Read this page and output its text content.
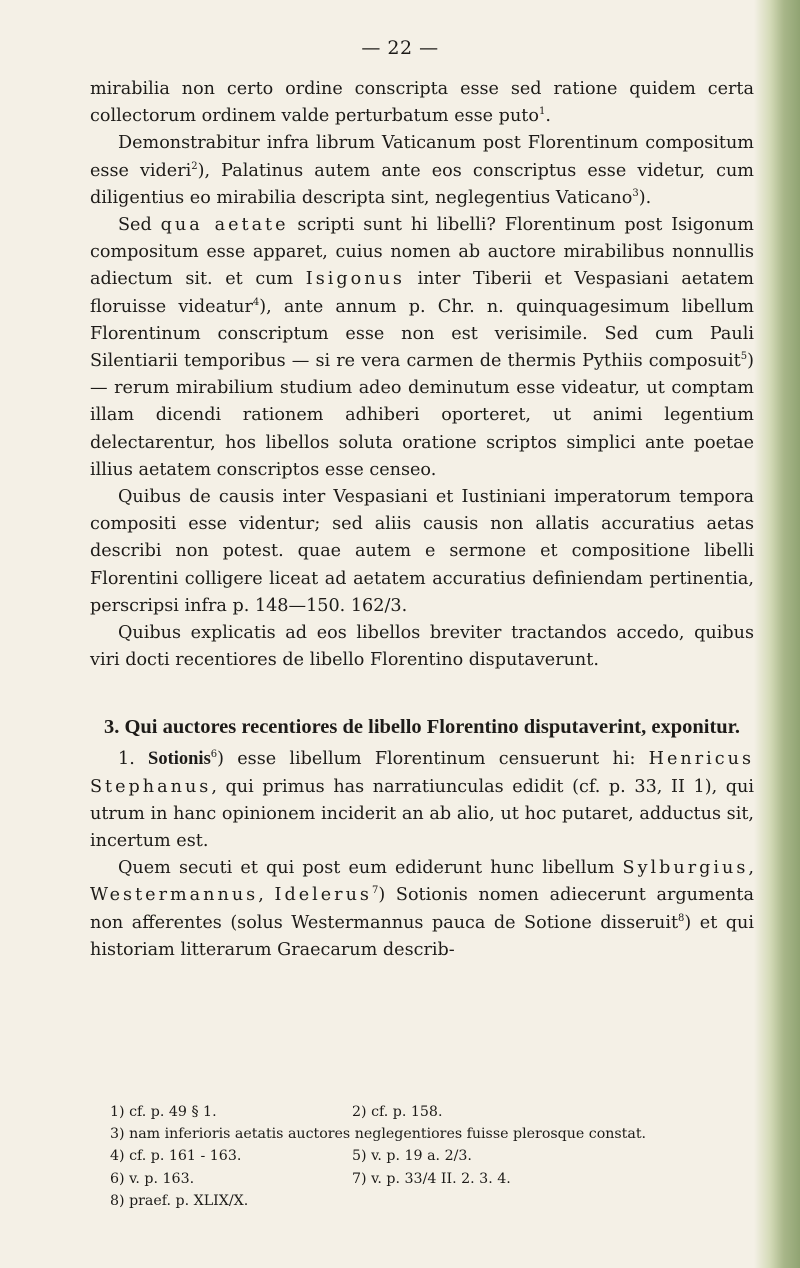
— 22 —

mirabilia non certo ordine conscripta esse sed ratione quidem certa collectorum ordinem valde perturbatum esse puto$^1$.

Demonstrabitur infra librum Vaticanum post Florentinum compositum esse videri$^2$), Palatinus autem ante eos conscriptus esse videtur, cum diligentius eo mirabilia descripta sint, neglegentius Vaticano$^3$).

Sed qua aetate scripti sunt hi libelli? Florentinum post Isigonum compositum esse apparet, cuius nomen ab auctore mirabilibus nonnullis adiectum sit. et cum Isigonus inter Tiberii et Vespasiani aetatem floruisse videatur$^4$), ante annum p. Chr. n. quinquagesimum libellum Florentinum conscriptum esse non est verisimile. Sed cum Pauli Silentiarii temporibus — si re vera carmen de thermis Pythiis composuit$^5$) — rerum mirabilium studium adeo deminutum esse videatur, ut comptam illam dicendi rationem adhiberi oporteret, ut animi legentium delectarentur, hos libellos soluta oratione scriptos simplici ante poetae illius aetatem conscriptos esse censeo.

Quibus de causis inter Vespasiani et Iustiniani imperatorum tempora compositi esse videntur; sed aliis causis non allatis accuratius aetas describi non potest. quae autem e sermone et compositione libelli Florentini colligere liceat ad aetatem accuratius definiendam pertinentia, perscripsi infra p. 148—150. 162/3.

Quibus explicatis ad eos libellos breviter tractandos accedo, quibus viri docti recentiores de libello Florentino disputaverunt.

3. Qui auctores recentiores de libello Florentino disputaverint, exponitur.

1. Sotionis$^6$) esse libellum Florentinum censuerunt hi: Henricus Stephanus, qui primus has narratiunculas edidit (cf. p. 33, II 1), qui utrum in hanc opinionem inciderit an ab alio, ut hoc putaret, adductus sit, incertum est.

Quem secuti et qui post eum ediderunt hunc libellum Sylburgius, Westermannus, Idelerus$^7$) Sotionis nomen adiecerunt argumenta non afferentes (solus Westermannus pauca de Sotione disseruit$^8$) et qui historiam litterarum Graecarum describ-

1) cf. p. 49 § 1.	2) cf. p. 158.
3) nam inferioris aetatis auctores neglegentiores fuisse plerosque constat.
4) cf. p. 161 - 163.	5) v. p. 19 a. 2/3.
6) v. p. 163.	7) v. p. 33/4 II. 2. 3. 4.
8) praef. p. XLIX/X.
